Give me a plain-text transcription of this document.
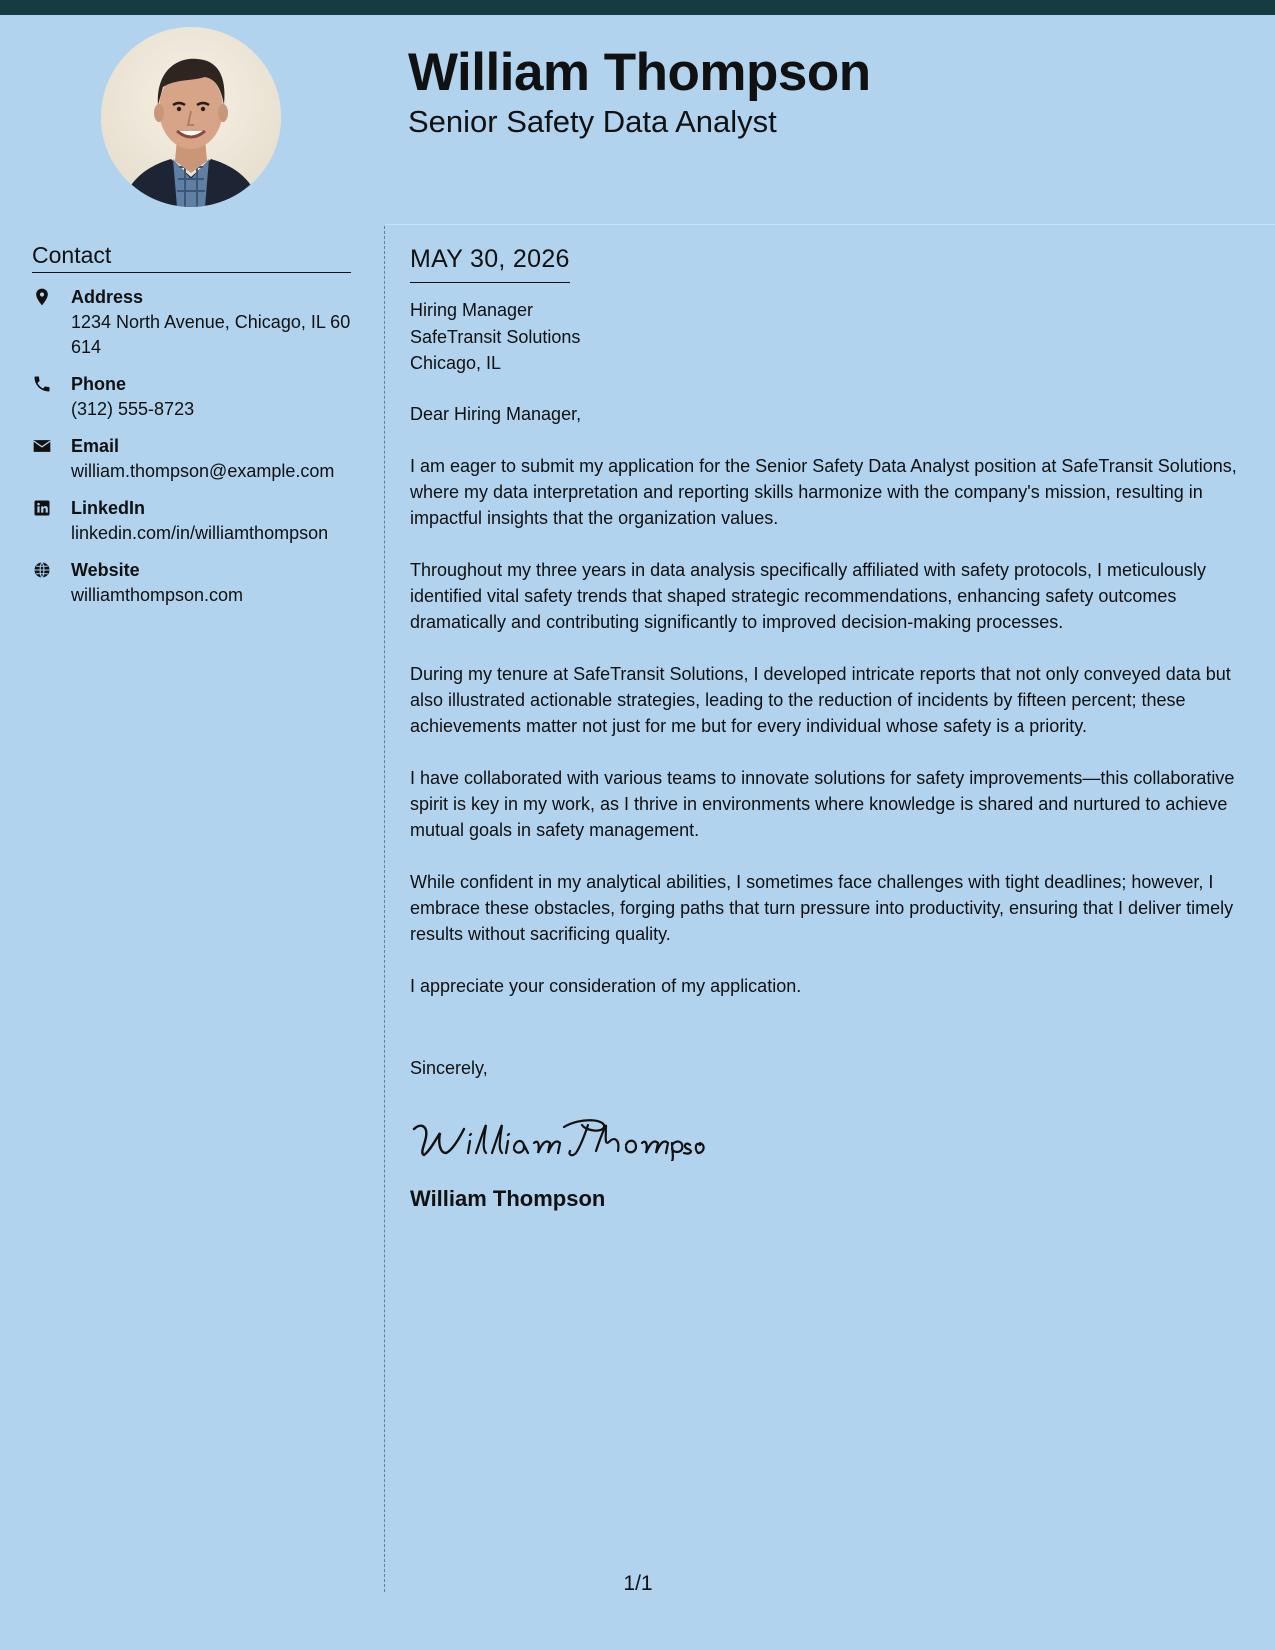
William Thompson
Senior Safety Data Analyst
Contact
Address
1234 North Avenue, Chicago, IL 60614
Phone
(312) 555-8723
Email
william.thompson@example.com
LinkedIn
linkedin.com/in/williamthompson
Website
williamthompson.com
MAY 30, 2026
Hiring Manager
SafeTransit Solutions
Chicago, IL
Dear Hiring Manager,
I am eager to submit my application for the Senior Safety Data Analyst position at SafeTransit Solutions, where my data interpretation and reporting skills harmonize with the company's mission, resulting in impactful insights that the organization values.
Throughout my three years in data analysis specifically affiliated with safety protocols, I meticulously identified vital safety trends that shaped strategic recommendations, enhancing safety outcomes dramatically and contributing significantly to improved decision-making processes.
During my tenure at SafeTransit Solutions, I developed intricate reports that not only conveyed data but also illustrated actionable strategies, leading to the reduction of incidents by fifteen percent; these achievements matter not just for me but for every individual whose safety is a priority.
I have collaborated with various teams to innovate solutions for safety improvements—this collaborative spirit is key in my work, as I thrive in environments where knowledge is shared and nurtured to achieve mutual goals in safety management.
While confident in my analytical abilities, I sometimes face challenges with tight deadlines; however, I embrace these obstacles, forging paths that turn pressure into productivity, ensuring that I deliver timely results without sacrificing quality.
I appreciate your consideration of my application.
Sincerely,
William Thompson
1/1
